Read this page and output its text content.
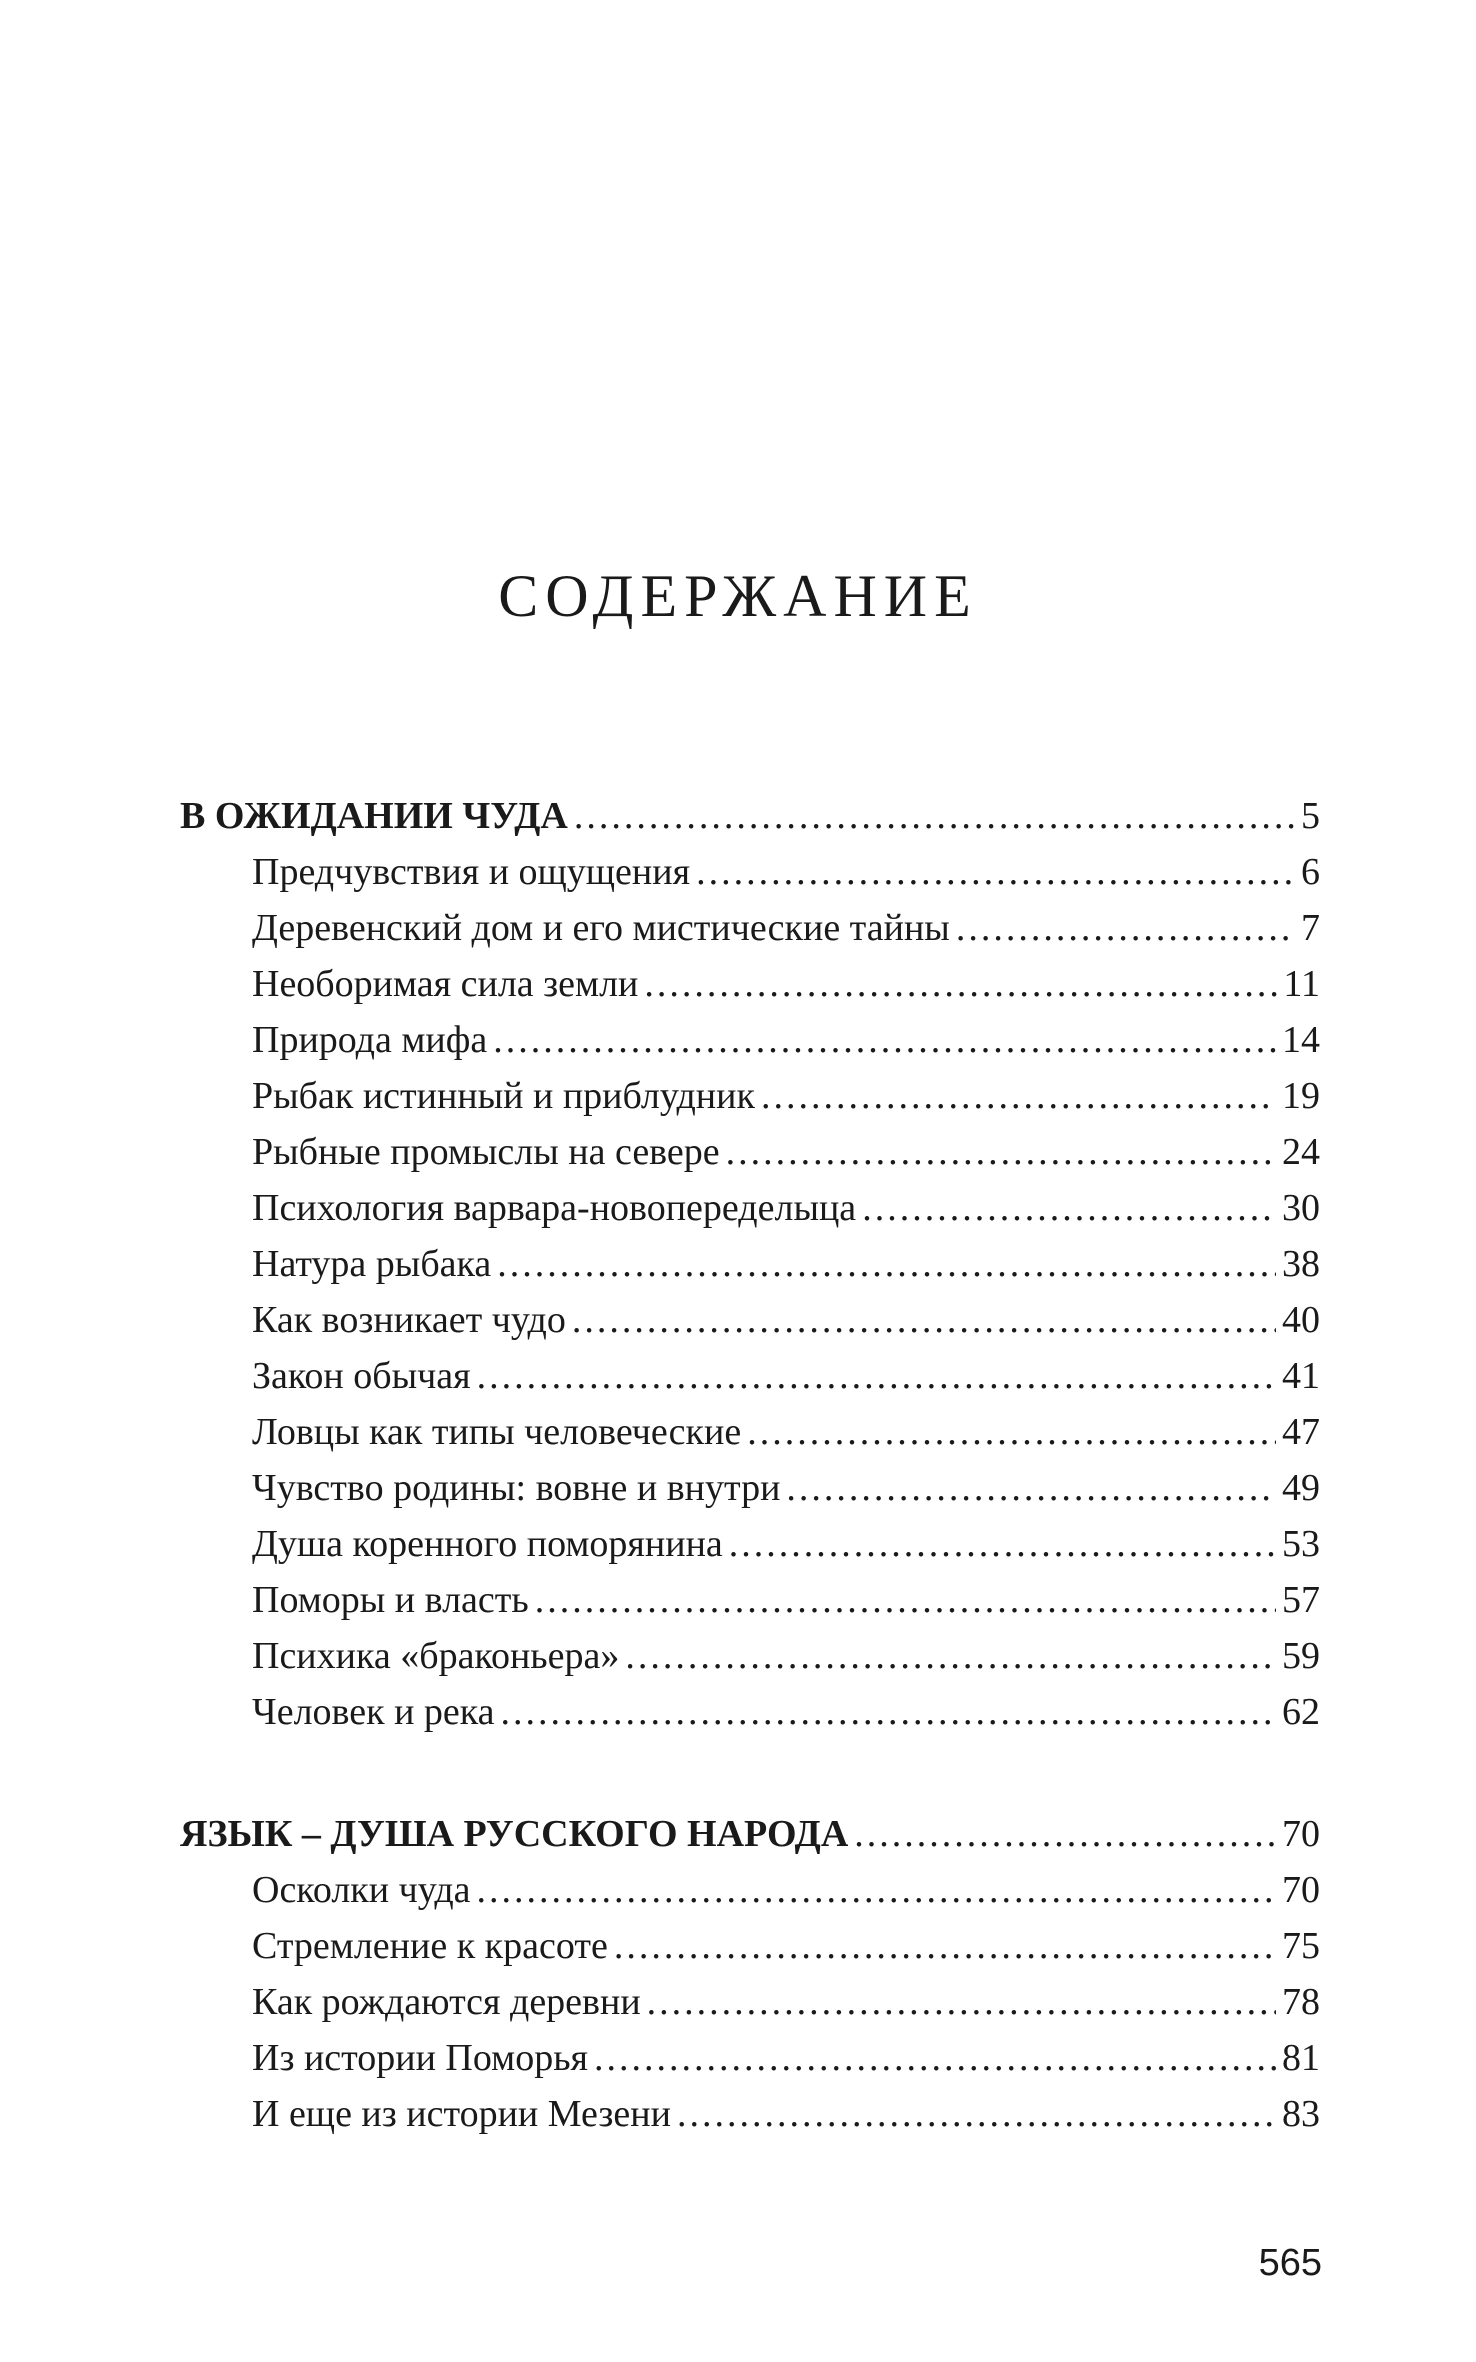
СОДЕРЖАНИЕ
В ОЖИДАНИИ ЧУДА .....	5
Предчувствия и ощущения .....	6
Деревенский дом и его мистические тайны .....	7
Необоримая сила земли .....	11
Природа мифа .....	14
Рыбак истинный и приблудник .....	19
Рыбные промыслы на севере .....	24
Психология варвара-новопеределыца .....	30
Натура рыбака .....	38
Как возникает чудо .....	40
Закон обычая .....	41
Ловцы как типы человеческие .....	47
Чувство родины: вовне и внутри .....	49
Душа коренного поморянина .....	53
Поморы и власть .....	57
Психика «браконьера» .....	59
Человек и река .....	62
ЯЗЫК – ДУША РУССКОГО НАРОДА .....	70
Осколки чуда .....	70
Стремление к красоте .....	75
Как рождаются деревни .....	78
Из истории Поморья .....	81
И еще из истории Мезени .....	83
565
